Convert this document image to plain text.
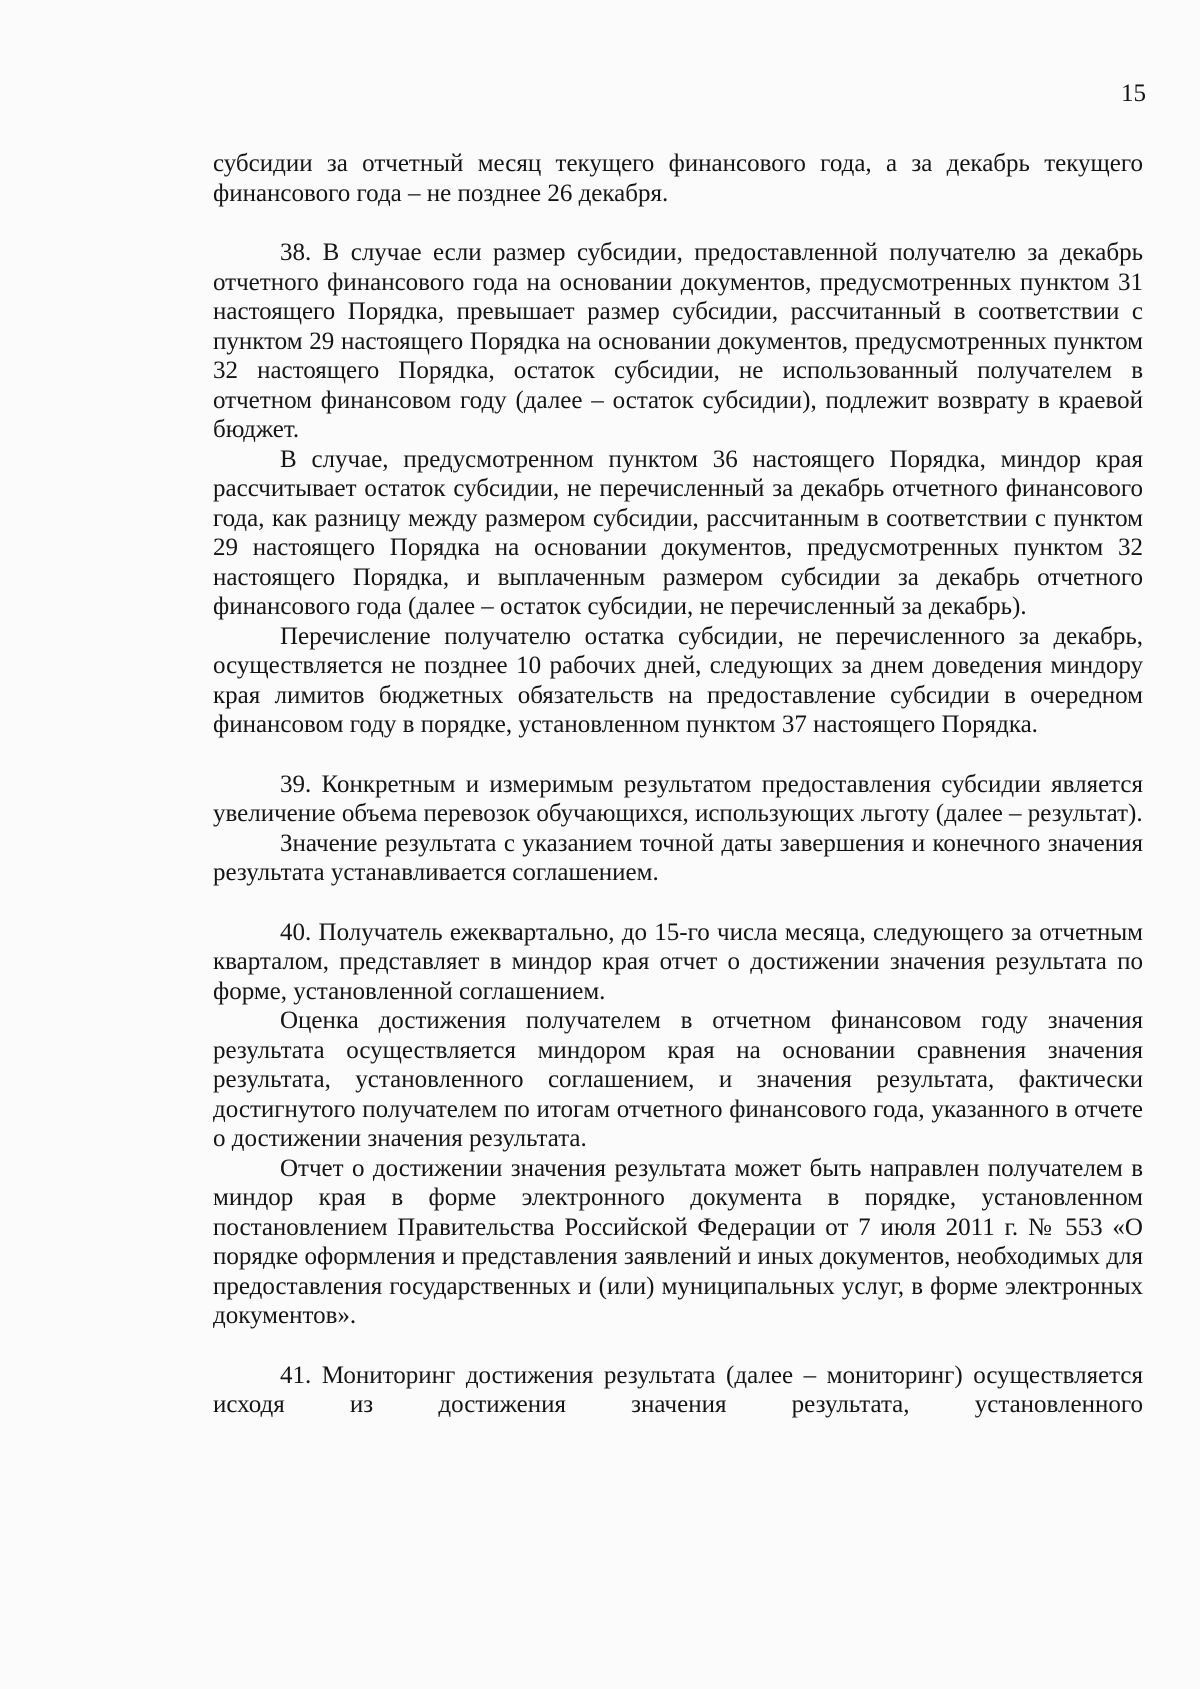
15

субсидии за отчетный месяц текущего финансового года, а за декабрь текущего финансового года – не позднее 26 декабря.

38. В случае если размер субсидии, предоставленной получателю за декабрь отчетного финансового года на основании документов, предусмотренных пунктом 31 настоящего Порядка, превышает размер субсидии, рассчитанный в соответствии с пунктом 29 настоящего Порядка на основании документов, предусмотренных пунктом 32 настоящего Порядка, остаток субсидии, не использованный получателем в отчетном финансовом году (далее – остаток субсидии), подлежит возврату в краевой бюджет.

В случае, предусмотренном пунктом 36 настоящего Порядка, миндор края рассчитывает остаток субсидии, не перечисленный за декабрь отчетного финансового года, как разницу между размером субсидии, рассчитанным в соответствии с пунктом 29 настоящего Порядка на основании документов, предусмотренных пунктом 32 настоящего Порядка, и выплаченным размером субсидии за декабрь отчетного финансового года (далее – остаток субсидии, не перечисленный за декабрь).

Перечисление получателю остатка субсидии, не перечисленного за декабрь, осуществляется не позднее 10 рабочих дней, следующих за днем доведения миндору края лимитов бюджетных обязательств на предоставление субсидии в очередном финансовом году в порядке, установленном пунктом 37 настоящего Порядка.

39. Конкретным и измеримым результатом предоставления субсидии является увеличение объема перевозок обучающихся, использующих льготу (далее – результат).

Значение результата с указанием точной даты завершения и конечного значения результата устанавливается соглашением.

40. Получатель ежеквартально, до 15-го числа месяца, следующего за отчетным кварталом, представляет в миндор края отчет о достижении значения результата по форме, установленной соглашением.

Оценка достижения получателем в отчетном финансовом году значения результата осуществляется миндором края на основании сравнения значения результата, установленного соглашением, и значения результата, фактически достигнутого получателем по итогам отчетного финансового года, указанного в отчете о достижении значения результата.

Отчет о достижении значения результата может быть направлен получателем в миндор края в форме электронного документа в порядке, установленном постановлением Правительства Российской Федерации от 7 июля 2011 г. № 553 «О порядке оформления и представления заявлений и иных документов, необходимых для предоставления государственных и (или) муниципальных услуг, в форме электронных документов».

41. Мониторинг достижения результата (далее – мониторинг) осуществляется исходя из достижения значения результата, установленного
